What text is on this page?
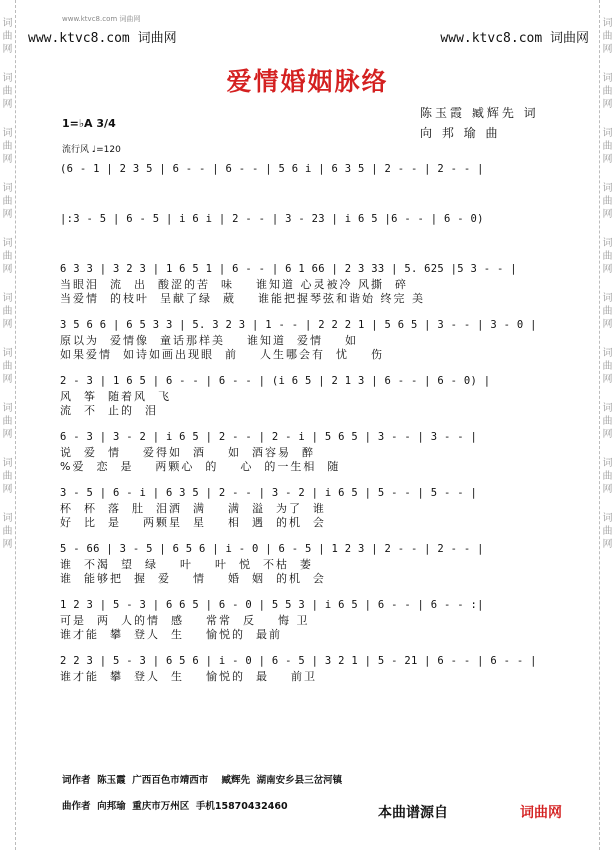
词
曲
网
词
曲
网
词
曲
网
词
曲
网
词
曲
网
词
曲
网
词
曲
网
词
曲
网
词
曲
网
词
曲
网
词
曲
网
词
曲
网
词
曲
网
词
曲
网
词
曲
网
词
曲
网
词
曲
网
词
曲
网
词
曲
网
词
曲
网
www.ktvc8.com 词曲网
www.ktvc8.com 词曲网	www.ktvc8.com 词曲网
爱情婚姻脉络
陈玉霞 臧辉先 词
向 邦 瑜 曲
1=♭A 3/4
流行风 ♩=120
(6 - 1 | 2 3 5 | 6 - - | 6 - - | 5 6 i | 6 3 5 | 2 - - | 2 - - |
|:3 - 5 | 6 - 5 | i 6 i | 2 - - | 3 - 23 | i 6 5 |6 - - | 6 - 0)
6 3 3 | 3 2 3 | 1 6 5 1 | 6 - - | 6 1 66 | 2 3 33 | 5. 625 |5 3 - - |
当眼泪  流  出  酸涩的苦  味    谁知道 心灵被冷 风撕  碎
当爱情  的枝叶  呈献了绿  葳    谁能把握琴弦和谐始 终完 美
3 5 6 6 | 6 5 3 3 | 5. 3 2 3 | 1 - - | 2 2 2 1 | 5 6 5 | 3 - - | 3 - 0 |
原以为  爱情像  童话那样美    谁知道  爱情    如
如果爱情  如诗如画出现眼  前    人生哪会有  忧    伤
2 - 3 | 1 6 5 | 6 - - | 6 - - | (i 6 5 | 2 1 3 | 6 - - | 6 - 0) |
风  筝  随着风  飞
流  不  止的  泪
6 - 3 | 3 - 2 | i 6 5 | 2 - - | 2 - i | 5 6 5 | 3 - - | 3 - - |
说  爱  情    爱得如  酒    如  酒容易  醉
%爱  恋  是    两颗心  的    心  的一生相  随
3 - 5 | 6 - i | 6 3 5 | 2 - - | 3 - 2 | i 6 5 | 5 - - | 5 - - |
杯  杯  落  肚  泪洒  满    满  溢  为了  谁
好  比  是    两颗星  星    相  遇  的机  会
5 - 66 | 3 - 5 | 6 5 6 | i - 0 | 6 - 5 | 1 2 3 | 2 - - | 2 - - |
谁  不渴  望  绿    叶    叶  悦  不枯  萎
谁  能够把  握  爱    情    婚  姻  的机  会
1 2 3 | 5 - 3 | 6 6 5 | 6 - 0 | 5 5 3 | i 6 5 | 6 - - | 6 - - :|
可是  两  人的情  感    常常  反    悔 卫
谁才能  攀  登人  生    愉悦的  最前
2 2 3 | 5 - 3 | 6 5 6 | i - 0 | 6 - 5 | 3 2 1 | 5 - 21 | 6 - - | 6 - - |
谁才能  攀  登人  生    愉悦的  最    前卫
词作者  陈玉霞  广西百色市靖西市    臧辉先  湖南安乡县三岔河镇
曲作者  向邦瑜  重庆市万州区  手机15870432460	本曲谱源自	词曲网
